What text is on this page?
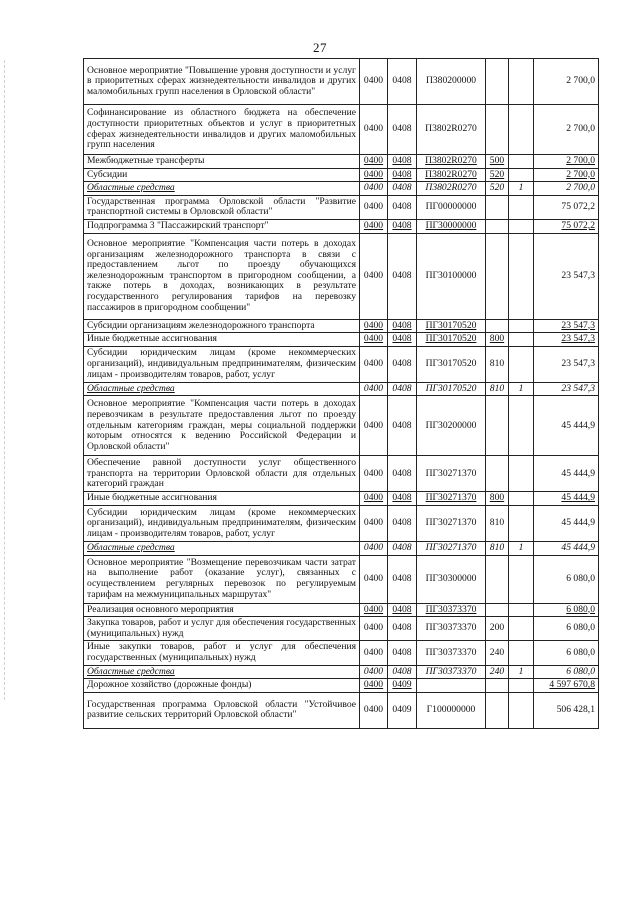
27
Основное мероприятие "Повышение уровня доступности и услуг в приоритетных сферах жизнедеятельности инвалидов и других маломобильных групп населения в Орловской области"	0400	0408	П380200000			2 700,0
Софинансирование из областного бюджета на обеспечение доступности приоритетных объектов и услуг в приоритетных сферах жизнедеятельности инвалидов и других маломобильных групп населения	0400	0408	П3802R0270			2 700,0
Межбюджетные трансферты	0400	0408	П3802R0270	500		2 700,0
Субсидии	0400	0408	П3802R0270	520		2 700,0
Областные средства	0400	0408	П3802R0270	520	1	2 700,0
Государственная программа Орловской области "Развитие транспортной системы в Орловской области"	0400	0408	ПГ00000000			75 072,2
Подпрограмма 3 "Пассажирский транспорт"	0400	0408	ПГ30000000			75 072,2
Основное мероприятие "Компенсация части потерь в доходах организациям железнодорожного транспорта в связи с предоставлением льгот по проезду обучающихся железнодорожным транспортом в пригородном сообщении, а также потерь в доходах, возникающих в результате государственного регулирования тарифов на перевозку пассажиров в пригородном сообщении"	0400	0408	ПГ30100000			23 547,3
Субсидии организациям железнодорожного транспорта	0400	0408	ПГ30170520			23 547,3
Иные бюджетные ассигнования	0400	0408	ПГ30170520	800		23 547,3
Субсидии юридическим лицам (кроме некоммерческих организаций), индивидуальным предпринимателям, физическим лицам - производителям товаров, работ, услуг	0400	0408	ПГ30170520	810		23 547,3
Областные средства	0400	0408	ПГ30170520	810	1	23 547,3
Основное мероприятие "Компенсация части потерь в доходах перевозчикам в результате предоставления льгот по проезду отдельным категориям граждан, меры социальной поддержки которым относятся к ведению Российской Федерации и Орловской области"	0400	0408	ПГ30200000			45 444,9
Обеспечение равной доступности услуг общественного транспорта на территории Орловской области для отдельных категорий граждан	0400	0408	ПГ30271370			45 444,9
Иные бюджетные ассигнования	0400	0408	ПГ30271370	800		45 444,9
Субсидии юридическим лицам (кроме некоммерческих организаций), индивидуальным предпринимателям, физическим лицам - производителям товаров, работ, услуг	0400	0408	ПГ30271370	810		45 444,9
Областные средства	0400	0408	ПГ30271370	810	1	45 444,9
Основное мероприятие "Возмещение перевозчикам части затрат на выполнение работ (оказание услуг), связанных с осуществлением регулярных перевозок по регулируемым тарифам на межмуниципальных маршрутах"	0400	0408	ПГ30300000			6 080,0
Реализация основного мероприятия	0400	0408	ПГ30373370			6 080,0
Закупка товаров, работ и услуг для обеспечения государственных (муниципальных) нужд	0400	0408	ПГ30373370	200		6 080,0
Иные закупки товаров, работ и услуг для обеспечения государственных (муниципальных) нужд	0400	0408	ПГ30373370	240		6 080,0
Областные средства	0400	0408	ПГ30373370	240	1	6 080,0
Дорожное хозяйство (дорожные фонды)	0400	0409				4 597 670,8
Государственная программа Орловской области "Устойчивое развитие сельских территорий Орловской области"	0400	0409	Г100000000			506 428,1
